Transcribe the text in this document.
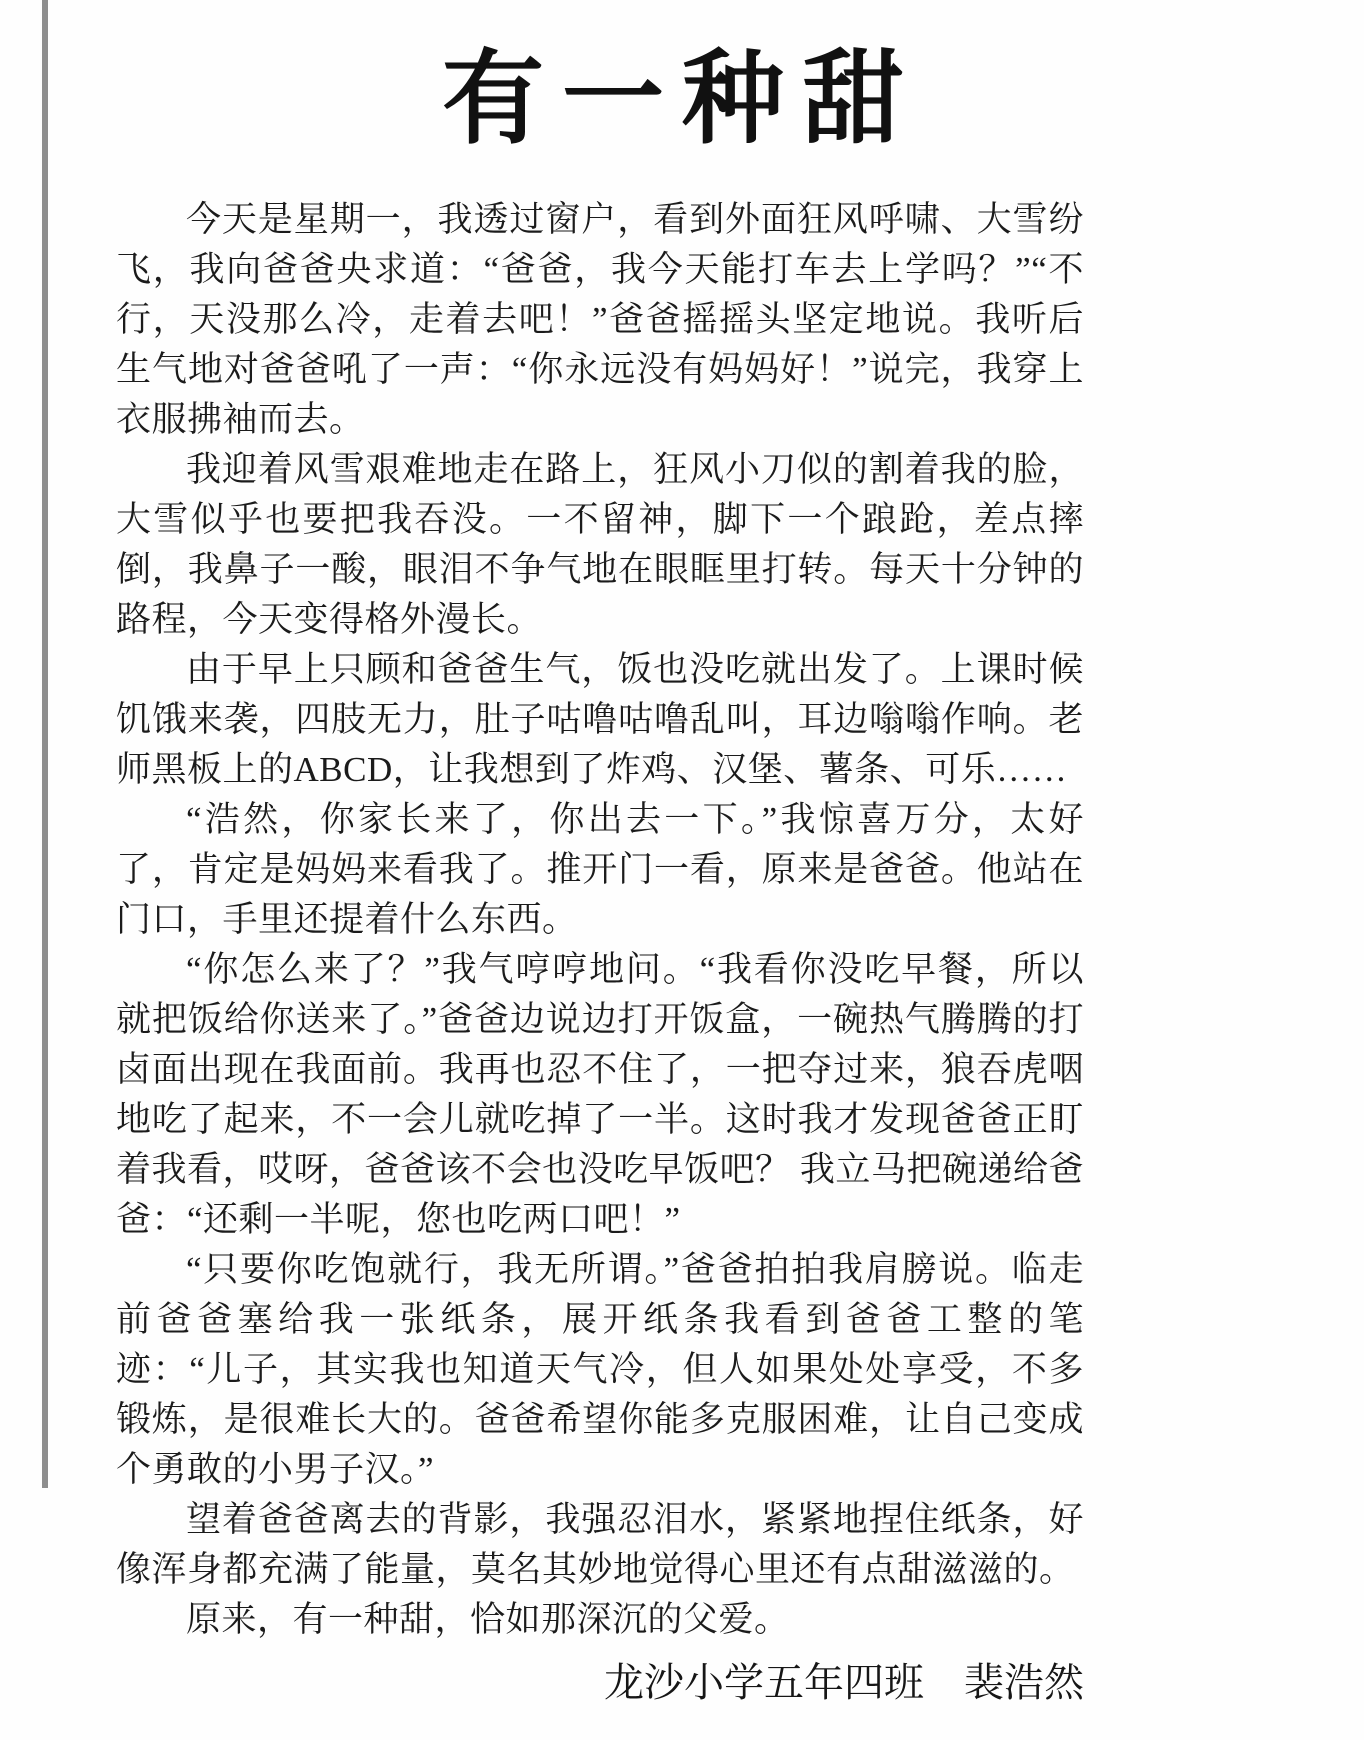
有一种甜

今天是星期一，我透过窗户，看到外面狂风呼啸、大雪纷飞，我向爸爸央求道：“爸爸，我今天能打车去上学吗？”“不行，天没那么冷，走着去吧！”爸爸摇摇头坚定地说。我听后生气地对爸爸吼了一声：“你永远没有妈妈好！”说完，我穿上衣服拂袖而去。

我迎着风雪艰难地走在路上，狂风小刀似的割着我的脸，大雪似乎也要把我吞没。一不留神，脚下一个踉跄，差点摔倒，我鼻子一酸，眼泪不争气地在眼眶里打转。每天十分钟的路程，今天变得格外漫长。

由于早上只顾和爸爸生气，饭也没吃就出发了。上课时候饥饿来袭，四肢无力，肚子咕噜咕噜乱叫，耳边嗡嗡作响。老师黑板上的ABCD，让我想到了炸鸡、汉堡、薯条、可乐……

“浩然，你家长来了，你出去一下。”我惊喜万分，太好了，肯定是妈妈来看我了。推开门一看，原来是爸爸。他站在门口，手里还提着什么东西。

“你怎么来了？”我气哼哼地问。“我看你没吃早餐，所以就把饭给你送来了。”爸爸边说边打开饭盒，一碗热气腾腾的打卤面出现在我面前。我再也忍不住了，一把夺过来，狼吞虎咽地吃了起来，不一会儿就吃掉了一半。这时我才发现爸爸正盯着我看，哎呀，爸爸该不会也没吃早饭吧？ 我立马把碗递给爸爸：“还剩一半呢，您也吃两口吧！”

“只要你吃饱就行，我无所谓。”爸爸拍拍我肩膀说。临走前爸爸塞给我一张纸条，展开纸条我看到爸爸工整的笔迹：“儿子，其实我也知道天气冷，但人如果处处享受，不多锻炼，是很难长大的。爸爸希望你能多克服困难，让自己变成个勇敢的小男子汉。”

望着爸爸离去的背影，我强忍泪水，紧紧地捏住纸条，好像浑身都充满了能量，莫名其妙地觉得心里还有点甜滋滋的。

原来，有一种甜，恰如那深沉的父爱。

龙沙小学五年四班　裴浩然
